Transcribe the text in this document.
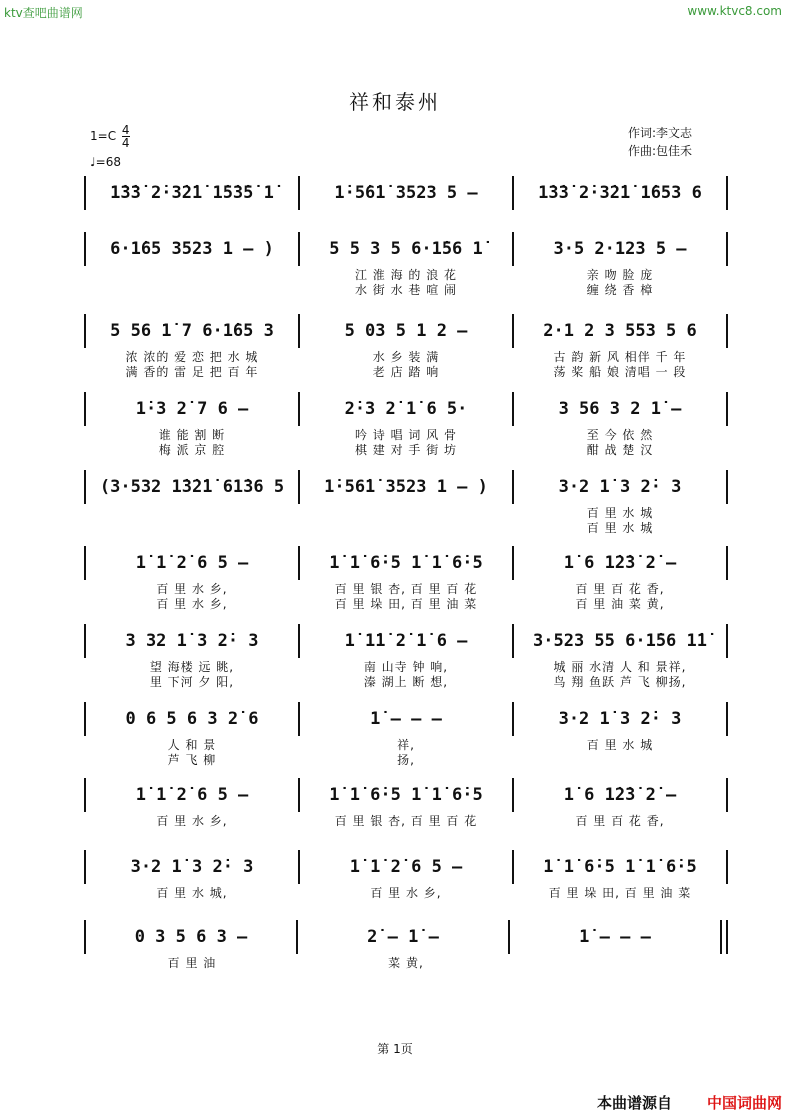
ktv查吧曲谱网	www.ktvc8.com
祥和泰州
$1=C \frac{4}{4}$
♩=68
作词:李文志
作曲:包佳禾
1̇3̇3̇ 2̇·3̇2̇1̇ 1̇5̇3̇5̇ 1̇	1̇·5̇6̇1̇ 3523 5 –	1̇3̇3̇ 2̇·3̇2̇1̇ 1̇653 6
6·1̇65 3523 1 – )	5 5 3 5 6·1̇56 1̇	3·5 2·123 5 –
江 淮 海 的 浪 花	亲 吻 脸 庞
水 街 水 巷 喧 闹	缠 绕 香 樟
5 56 1̇ 7 6·1̇65 3	5 03 5 1 2 –	2·1 2 3 553 5 6
浓 浓的 爱 恋 把 水 城	水 乡 装 满	古 韵 新 风 相伴 千 年
满 香的 雷 足 把 百 年	老 店 踏 响	荡 桨 船 娘 清唱 一 段
1̇·3 2̇ 7 6 –	2̇·3 2̇ 1̇ 6 5·	3 56 3 2 1̇ –
谁 能 割 断	吟 诗 唱 词 风 骨	至 今 依 然
梅 派 京 腔	棋 建 对 手 街 坊	酣 战 楚 汉
(3·532 1̇3̇2̇1̇ 61̇36 5	1̇·56̇1̇ 3523 1 – )	3·2 1̇ 3 2̇· 3
百 里 水 城
百 里 水 城
1̇ 1̇ 2̇ 6 5 –	1̇ 1̇ 6̇·5 1̇ 1̇ 6̇·5	1̇ 6 1̇2̇3̇ 2̇ –
百 里 水 乡,	百 里 银 杏, 百 里 百 花	百 里 百 花 香,
百 里 水 乡,	百 里 垛 田, 百 里 油 菜	百 里 油 菜 黄,
3 32 1̇ 3 2̇· 3	1̇ 1̇1̇ 2̇ 1̇ 6 –	3·523 55 6·1̇56 1̇1̇
望 海楼 远 眺,	南 山寺 钟 响,	城 丽 水清 人 和 景祥,
里 下河 夕 阳,	溱 湖上 断 想,	鸟 翔 鱼跃 芦 飞 柳扬,
0 6 5 6 3 2̇ 6	1̇ – – –	3·2 1̇ 3 2̇· 3
人 和 景	祥,	百 里 水 城
芦 飞 柳	扬,
1̇ 1̇ 2̇ 6 5 –	1̇ 1̇ 6̇·5 1̇ 1̇ 6̇·5	1̇ 6 1̇2̇3̇ 2̇ –
百 里 水 乡,	百 里 银 杏, 百 里 百 花	百 里 百 花 香,
3·2 1̇ 3 2̇· 3	1̇ 1̇ 2̇ 6 5 –	1̇ 1̇ 6̇·5 1̇ 1̇ 6̇·5
百 里 水 城,	百 里 水 乡,	百 里 垛 田, 百 里 油 菜
0 3 5 6 3 –	2̇ – 1̇ –	1̇ – – –
百 里 油	菜 黄,
第 1页
本曲谱源自 中国词曲网
